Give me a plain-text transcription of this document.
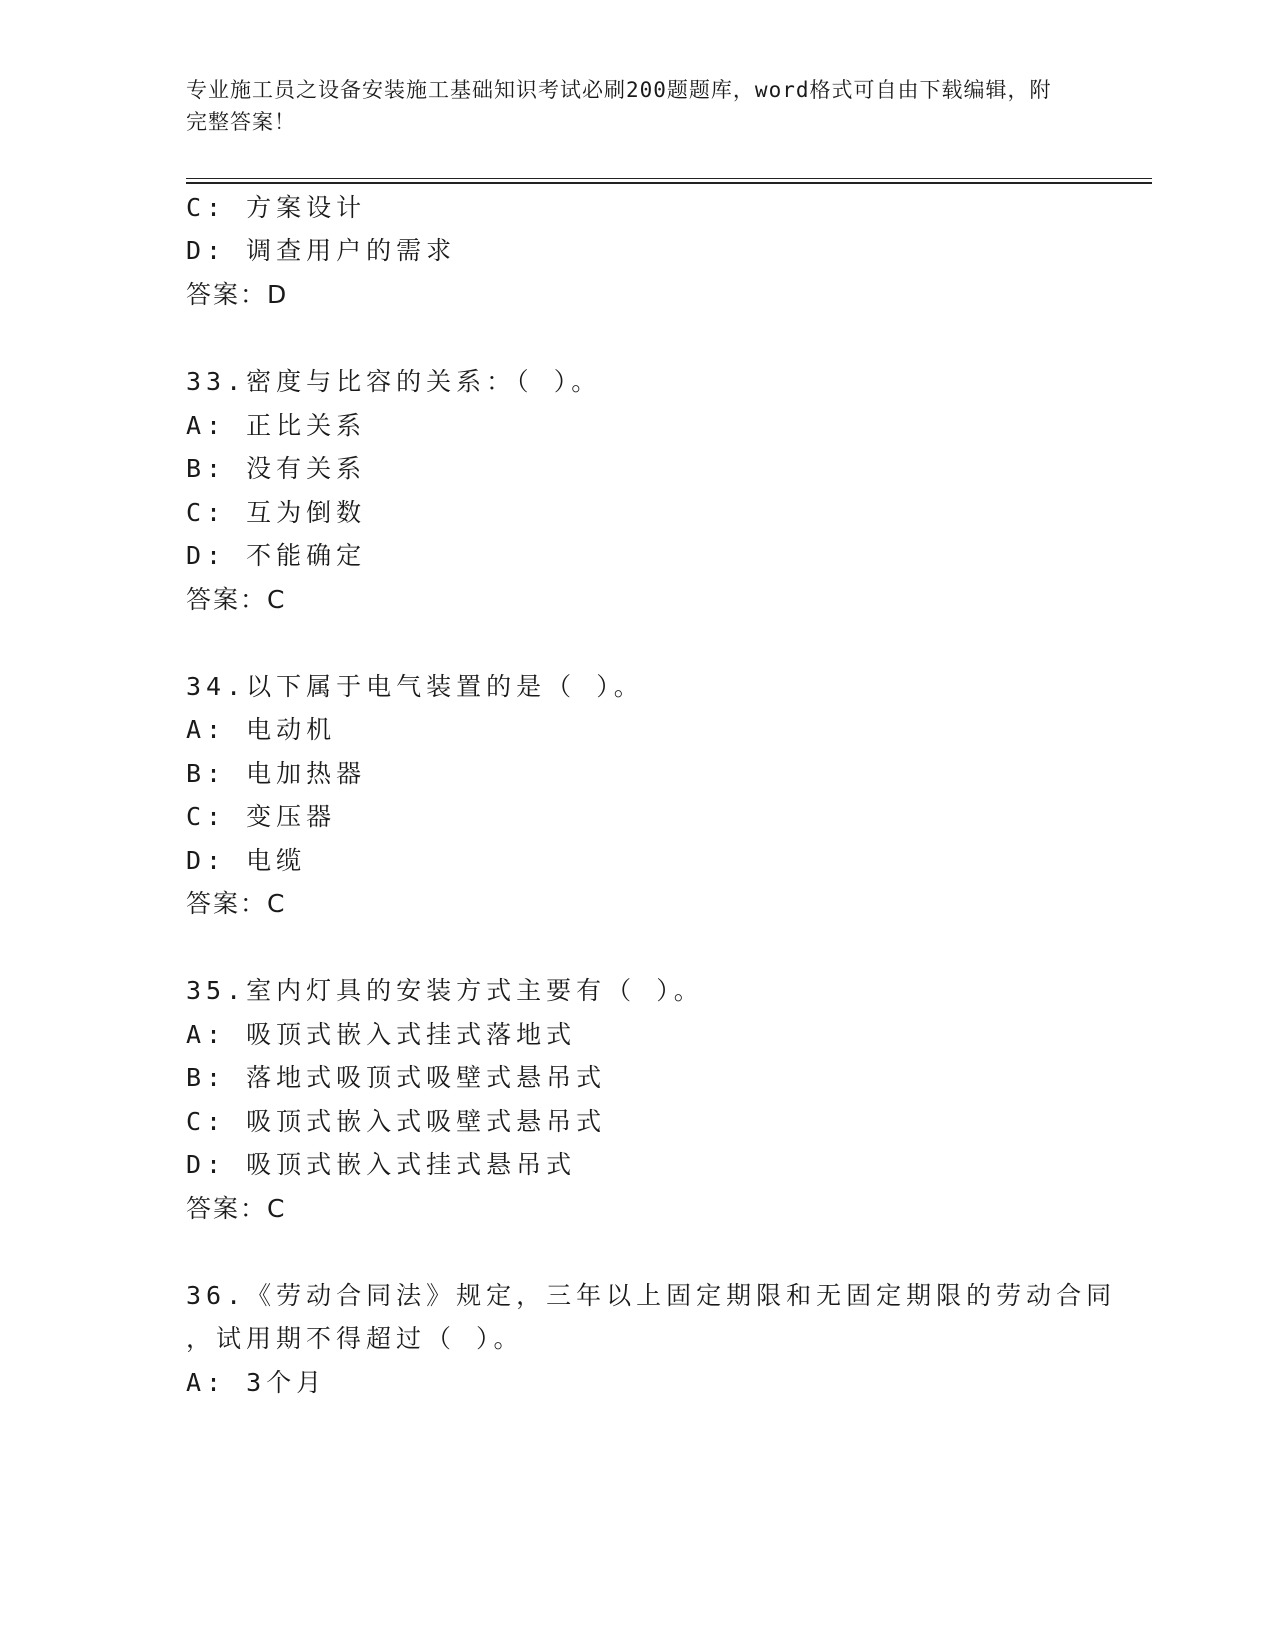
专业施工员之设备安装施工基础知识考试必刷200题题库，word格式可自由下载编辑，附完整答案！
C: 方案设计
D: 调查用户的需求
答案：D
33.密度与比容的关系：（ ）。
A: 正比关系
B: 没有关系
C: 互为倒数
D: 不能确定
答案：C
34.以下属于电气装置的是（ ）。
A: 电动机
B: 电加热器
C: 变压器
D: 电缆
答案：C
35.室内灯具的安装方式主要有（ ）。
A: 吸顶式嵌入式挂式落地式
B: 落地式吸顶式吸壁式悬吊式
C: 吸顶式嵌入式吸壁式悬吊式
D: 吸顶式嵌入式挂式悬吊式
答案：C
36.《劳动合同法》规定，三年以上固定期限和无固定期限的劳动合同
，试用期不得超过（ ）。
A: 3个月
